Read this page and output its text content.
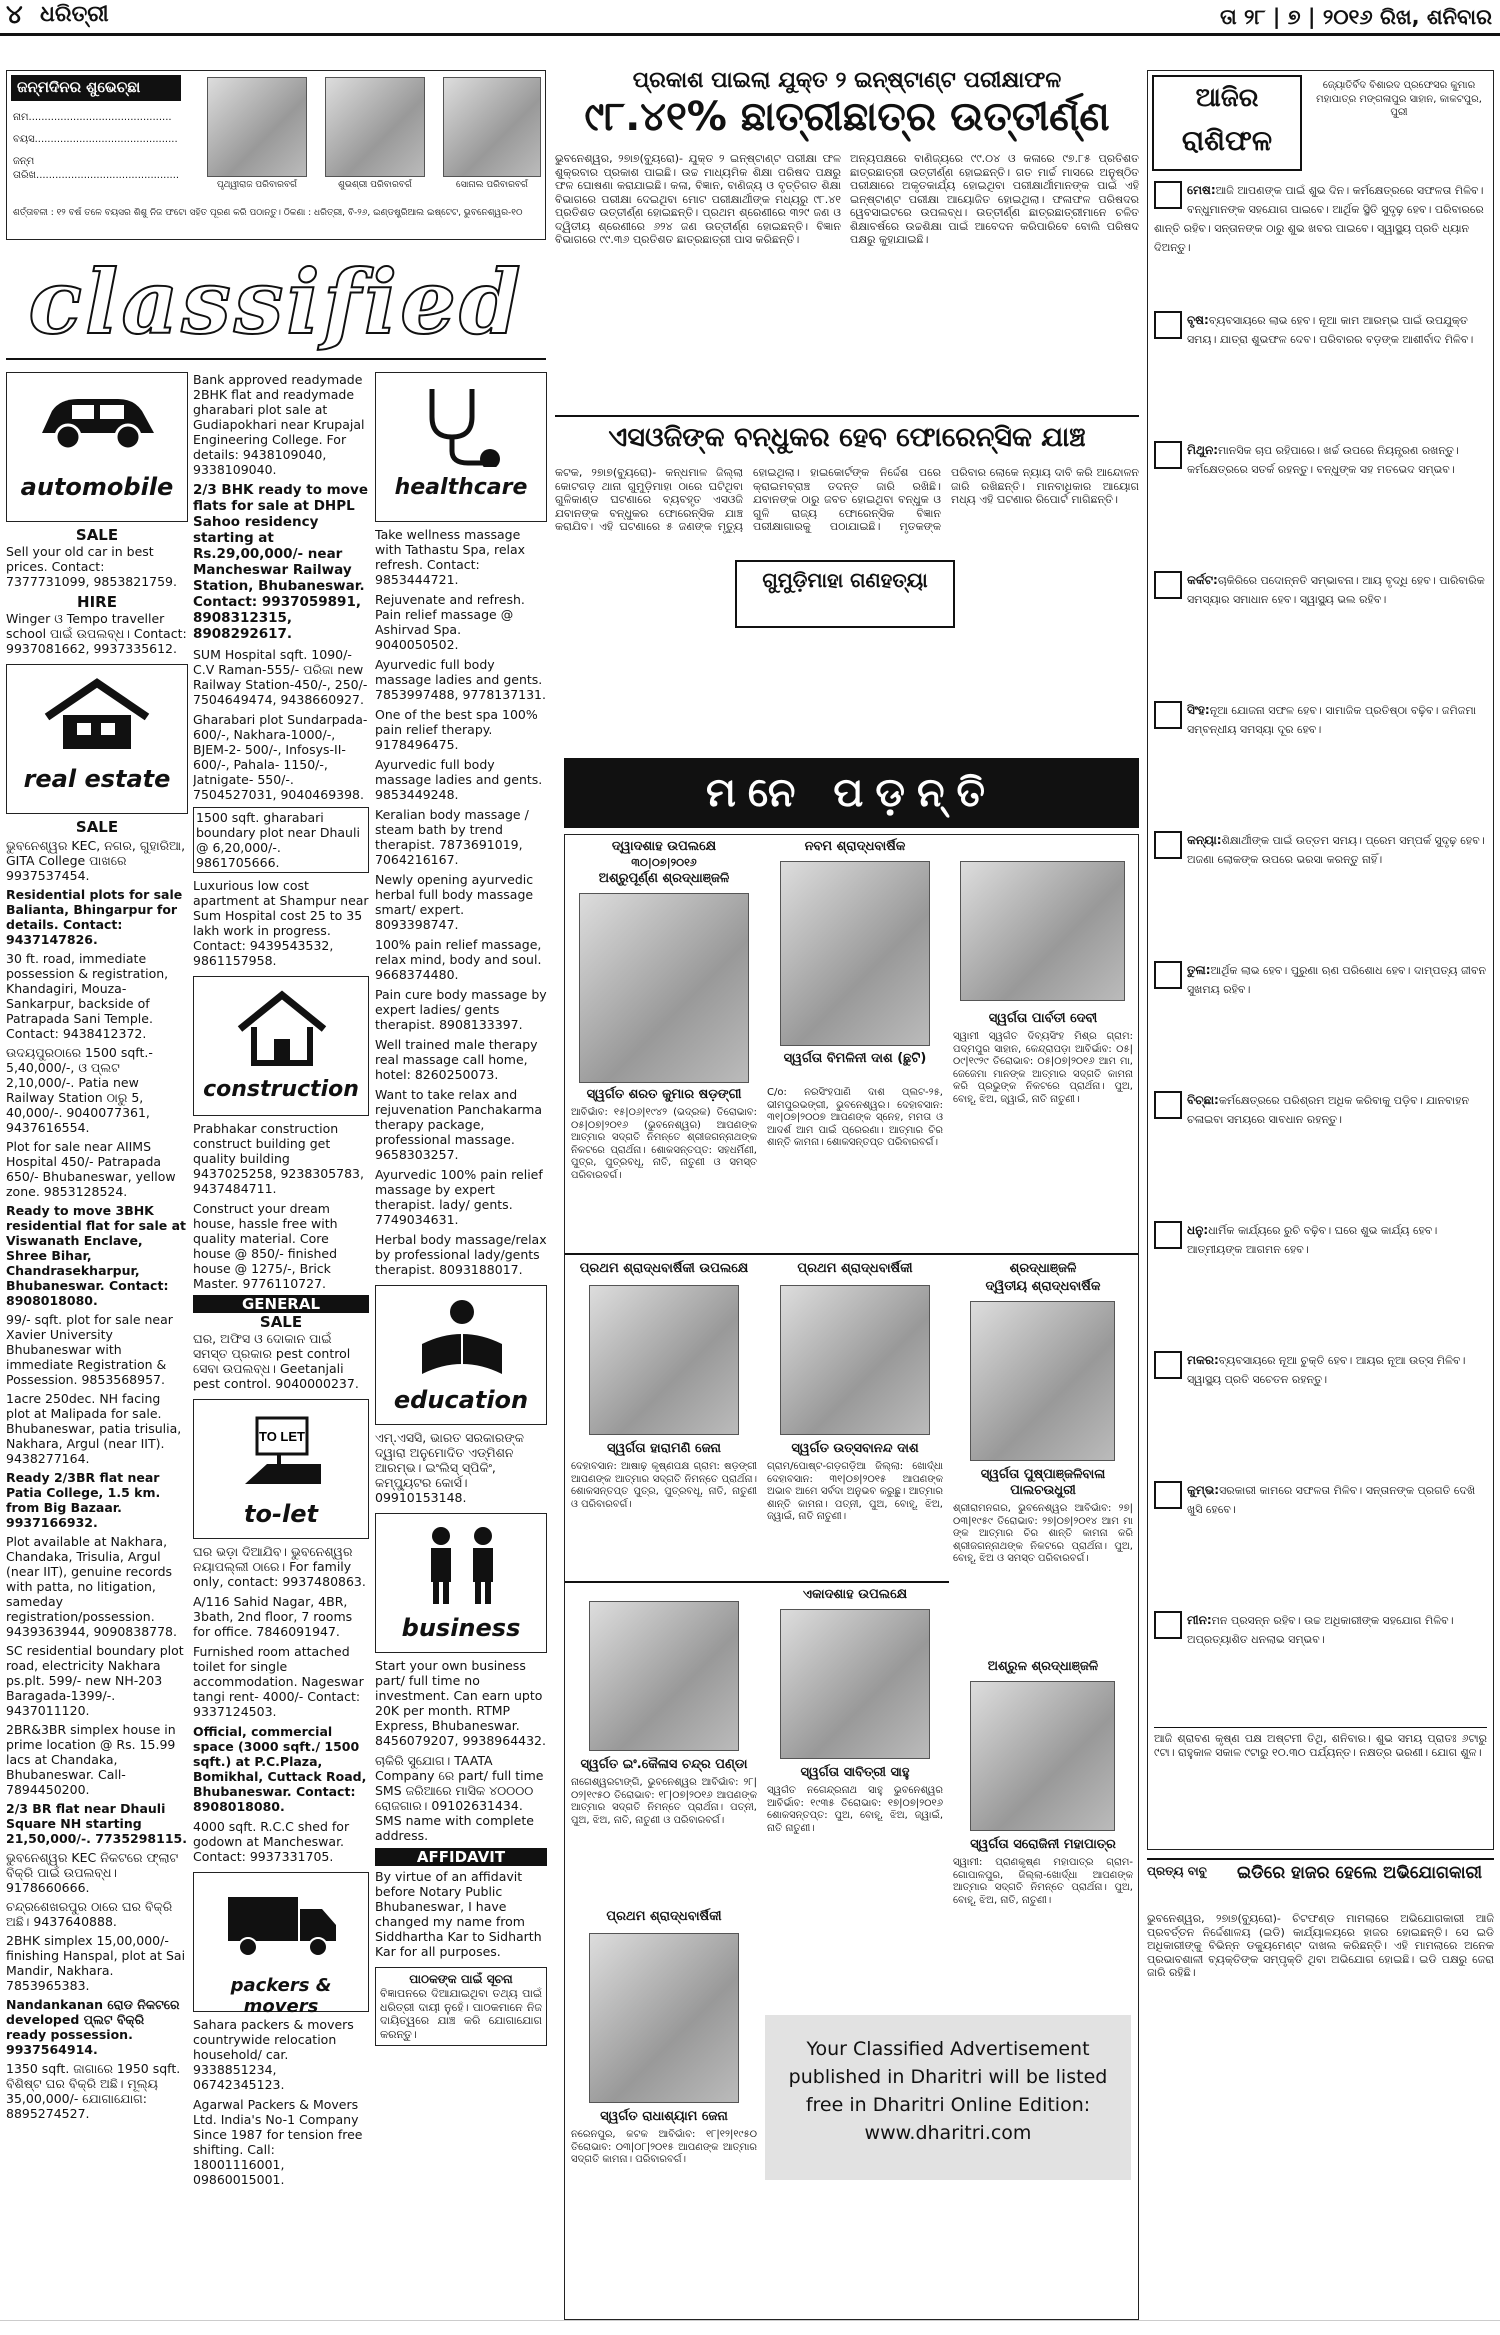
୪ ଧରିତ୍ରୀ	ତା ୨୮ | ୭ | ୨୦୧୬ ରିଖ, ଶନିବାର
ଜନ୍ମଦିନର ଶୁଭେଚ୍ଛା
ନାମ.............................................
ବୟସ.............................................
ଜନ୍ମ ତାରିଖ.............................................
ପୃଥ୍ୱୀରାଜ ପରିବାରବର୍ଗ	ଶୁଭଶ୍ରୀ ପରିବାରବର୍ଗ	ସୋନାଲ ପରିବାରବର୍ଗ
ଶର୍ତ୍ତାବଳୀ : ୧୨ ବର୍ଷ ତଳେ ବୟସର ଶିଶୁ ନିଜ ଫଟୋ ସହିତ ପୂରଣ କରି ପଠାନ୍ତୁ। ଠିକଣା : ଧରିତ୍ରୀ, ବି-୨୬, ଇଣ୍ଡଷ୍ଟ୍ରିଆଲ ଇଷ୍ଟେଟ, ଭୁବନେଶ୍ୱର-୧୦
classified
automobile
SALE
Sell your old car in best prices. Contact: 7377731099, 9853821759.
HIRE
Winger ଓ Tempo traveller school ପାଇଁ ଉପଲବ୍ଧ। Contact: 9937081662, 9937335612.
real estate
SALE
ଭୁବନେଶ୍ୱର KEC, ନଗର, ଗୁହାରିଆ, GITA College ପାଖରେ 9937537454.
Residential plots for sale Balianta, Bhingarpur for details. Contact: 9437147826.
30 ft. road, immediate possession & registration, Khandagiri, Mouza-Sankarpur, backside of Patrapada Sani Temple. Contact: 9438412372.
ଉଦୟପୁରଠାରେ 1500 sqft.- 5,40,000/-, ଓ ପ୍ଲଟ 2,10,000/-. Patia new Railway Station ଠାରୁ 5, 40,000/-. 9040077361, 9437616554.
Plot for sale near AIIMS Hospital 450/- Patrapada 650/- Bhubaneswar, yellow zone. 9853128524.
Ready to move 3BHK residential flat for sale at Viswanath Enclave, Shree Bihar, Chandrasekharpur, Bhubaneswar. Contact: 8908018080.
99/- sqft. plot for sale near Xavier University Bhubaneswar with immediate Registration & Possession. 9853568957.
1acre 250dec. NH facing plot at Malipada for sale. Bhubaneswar, patia trisulia, Nakhara, Argul (near IIT). 9438277164.
Ready 2/3BR flat near Patia College, 1.5 km. from Big Bazaar. 9937166932.
Plot available at Nakhara, Chandaka, Trisulia, Argul (near IIT), genuine records with patta, no litigation, sameday registration/possession. 9439363944, 9090838778.
SC residential boundary plot road, electricity Nakhara ps.plt. 599/- new NH-203 Baragada-1399/-. 9437011120.
2BR&3BR simplex house in prime location @ Rs. 15.99 lacs at Chandaka, Bhubaneswar. Call-7894450200.
2/3 BR flat near Dhauli Square NH starting 21,50,000/-. 7735298115.
ଭୁବନେଶ୍ୱର KEC ନିକଟରେ ଫ୍ଲାଟ ବିକ୍ରି ପାଇଁ ଉପଲବ୍ଧ। 9178660666.
ଚନ୍ଦ୍ରଶେଖରପୁର ଠାରେ ଘର ବିକ୍ରି ଅଛି। 9437640888.
2BHK simplex 15,00,000/- finishing Hanspal, plot at Sai Mandir, Nakhara. 7853965383.
Nandankanan ରୋଡ ନିକଟରେ developed ପ୍ଲଟ ବିକ୍ରି ready possession. 9937564914.
1350 sqft. ଜାଗାରେ 1950 sqft. ବିଶିଷ୍ଟ ଘର ବିକ୍ରି ଅଛି। ମୂଲ୍ୟ 35,00,000/- ଯୋଗାଯୋଗ: 8895274527.
Bank approved readymade 2BHK flat and readymade gharabari plot sale at Gudiapokhari near Krupajal Engineering College. For details: 9438109040, 9338109040.
2/3 BHK ready to move flats for sale at DHPL Sahoo residency starting at Rs.29,00,000/- near Mancheswar Railway Station, Bhubaneswar. Contact: 9937059891, 8908312315, 8908292617.
SUM Hospital sqft. 1090/- C.V Raman-555/- ପରିଜା new Railway Station-450/-, 250/- 7504649474, 9438660927.
Gharabari plot Sundarpada-600/-, Nakhara-1000/-, BJEM-2- 500/-, Infosys-II-600/-, Pahala- 1150/-, Jatnigate- 550/-. 7504527031, 9040469398.
1500 sqft. gharabari boundary plot near Dhauli @ 6,20,000/-. 9861705666.
Luxurious low cost apartment at Shampur near Sum Hospital cost 25 to 35 lakh work in progress. Contact: 9439543532, 9861157958.
construction
Prabhakar construction construct building get quality building 9437025258, 9238305783, 9437484711.
Construct your dream house, hassle free with quality material. Core house @ 850/- finished house @ 1275/-, Brick Master. 9776110727.
GENERAL
SALE
ଘର, ଅଫିସ ଓ ଦୋକାନ ପାଇଁ ସମସ୍ତ ପ୍ରକାର pest control ସେବା ଉପଲବ୍ଧ। Geetanjali pest control. 9040000237.
TO LET
to-let
ଘର ଭଡ଼ା ଦିଆଯିବ। ଭୁବନେଶ୍ୱର ନୟାପଲ୍ଲୀ ଠାରେ। For family only, contact: 9937480863.
A/116 Sahid Nagar, 4BR, 3bath, 2nd floor, 7 rooms for office. 7846091947.
Furnished room attached toilet for single accommodation. Nageswar tangi rent- 4000/- Contact: 9337124503.
Official, commercial space (3000 sqft./ 1500 sqft.) at P.C.Plaza, Bomikhal, Cuttack Road, Bhubaneswar. Contact: 8908018080.
4000 sqft. R.C.C shed for godown at Mancheswar. Contact: 9937331705.
packers & movers
Sahara packers & movers countrywide relocation household/ car. 9338851234, 06742345123.
Agarwal Packers & Movers Ltd. India's No-1 Company Since 1987 for tension free shifting. Call: 18001116001, 09860015001.
healthcare
Take wellness massage with Tathastu Spa, relax refresh. Contact: 9853444721.
Rejuvenate and refresh. Pain relief massage @ Ashirvad Spa. 9040050502.
Ayurvedic full body massage ladies and gents. 7853997488, 9778137131.
One of the best spa 100% pain relief therapy. 9178496475.
Ayurvedic full body massage ladies and gents. 9853449248.
Keralian body massage / steam bath by trend therapist. 7873691019, 7064216167.
Newly opening ayurvedic herbal full body massage smart/ expert. 8093398747.
100% pain relief massage, relax mind, body and soul. 9668374480.
Pain cure body massage by expert ladies/ gents therapist. 8908133397.
Well trained male therapy real massage call home, hotel: 8260250073.
Want to take relax and rejuvenation Panchakarma therapy package, professional massage. 9658303257.
Ayurvedic 100% pain relief massage by expert therapist. lady/ gents. 7749034631.
Herbal body massage/relax by professional lady/gents therapist. 8093188017.
education
ଏମ୍.ଏସସି, ଭାରତ ସରକାରଙ୍କ ଦ୍ୱାରା ଅନୁମୋଦିତ ଏଡ୍ମିଶନ ଆରମ୍ଭ। ଇଂଲିସ୍ ସ୍ପିକିଂ, କମ୍ପ୍ୟୁଟର କୋର୍ସ। 09910153148.
business
Start your own business part/ full time no investment. Can earn upto 20K per month. RTMP Express, Bhubaneswar. 8456079207, 9938964432.
ଚାକିରି ସୁଯୋଗ। TAATA Company ରେ part/ full time SMS ଜରିଆରେ ମାସିକ ୪୦୦୦୦ ରୋଜଗାର। 09102631434. SMS name with complete address.
AFFIDAVIT
By virtue of an affidavit before Notary Public Bhubaneswar, I have changed my name from Siddhartha Kar to Sidharth Kar for all purposes.
ପାଠକଙ୍କ ପାଇଁ ସୂଚନା
ବିଜ୍ଞାପନରେ ଦିଆଯାଇଥିବା ତଥ୍ୟ ପାଇଁ ଧରିତ୍ରୀ ଦାୟୀ ନୁହେଁ। ପାଠକମାନେ ନିଜ ଦାୟିତ୍ୱରେ ଯାଞ୍ଚ କରି ଯୋଗାଯୋଗ କରନ୍ତୁ।
ପ୍ରକାଶ ପାଇଲା ଯୁକ୍ତ ୨ ଇନ୍ଷ୍ଟାଣ୍ଟ ପରୀକ୍ଷାଫଳ
୯୮.୪୧% ଛାତ୍ରୀଛାତ୍ର ଉତ୍ତୀର୍ଣ୍ଣ
ଭୁବନେଶ୍ୱର, ୨୭ା୭(ବ୍ୟୁରୋ)- ଯୁକ୍ତ ୨ ଇନ୍ଷ୍ଟାଣ୍ଟ ପରୀକ୍ଷା ଫଳ ଶୁକ୍ରବାର ପ୍ରକାଶ ପାଇଛି। ଉଚ୍ଚ ମାଧ୍ୟମିକ ଶିକ୍ଷା ପରିଷଦ ପକ୍ଷରୁ ଫଳ ଘୋଷଣା କରାଯାଇଛି। କଳା, ବିଜ୍ଞାନ, ବାଣିଜ୍ୟ ଓ ବୃତ୍ତିଗତ ଶିକ୍ଷା ବିଭାଗରେ ପରୀକ୍ଷା ଦେଇଥିବା ମୋଟ ପରୀକ୍ଷାର୍ଥୀଙ୍କ ମଧ୍ୟରୁ ୯୮.୪୧ ପ୍ରତିଶତ ଉତ୍ତୀର୍ଣ୍ଣ ହୋଇଛନ୍ତି। ପ୍ରଥମ ଶ୍ରେଣୀରେ ୩୨୯ ଜଣ ଓ ଦ୍ୱିତୀୟ ଶ୍ରେଣୀରେ ୬୨୪ ଜଣ ଉତ୍ତୀର୍ଣ୍ଣ ହୋଇଛନ୍ତି। ବିଜ୍ଞାନ ବିଭାଗରେ ୯୯.୩୬ ପ୍ରତିଶତ ଛାତ୍ରଛାତ୍ରୀ ପାସ କରିଛନ୍ତି।
ଅନ୍ୟପକ୍ଷରେ ବାଣିଜ୍ୟରେ ୯୯.୦୪ ଓ କଳାରେ ୯୭.୮୫ ପ୍ରତିଶତ ଛାତ୍ରଛାତ୍ରୀ ଉତ୍ତୀର୍ଣ୍ଣ ହୋଇଛନ୍ତି। ଗତ ମାର୍ଚ୍ଚ ମାସରେ ଅନୁଷ୍ଠିତ ପରୀକ୍ଷାରେ ଅକୃତକାର୍ଯ୍ୟ ହୋଇଥିବା ପରୀକ୍ଷାର୍ଥୀମାନଙ୍କ ପାଇଁ ଏହି ଇନ୍ଷ୍ଟାଣ୍ଟ ପରୀକ୍ଷା ଆୟୋଜିତ ହୋଇଥିଲା। ଫଳାଫଳ ପରିଷଦର ୱେବସାଇଟରେ ଉପଲବ୍ଧ। ଉତ୍ତୀର୍ଣ୍ଣ ଛାତ୍ରଛାତ୍ରୀମାନେ ଚଳିତ ଶିକ୍ଷାବର୍ଷରେ ଉଚ୍ଚଶିକ୍ଷା ପାଇଁ ଆବେଦନ କରିପାରିବେ ବୋଲି ପରିଷଦ ପକ୍ଷରୁ କୁହାଯାଇଛି।
ଏସଓଜିଙ୍କ ବନ୍ଧୁକର ହେବ ଫୋରେନ୍ସିକ ଯାଞ୍ଚ
କଟକ, ୨୭ା୭(ବ୍ୟୁରୋ)- କନ୍ଧମାଳ ଜିଲ୍ଲା କୋଟଗଡ଼ ଥାନା ଗୁମୁଡ଼ିମାହା ଠାରେ ଘଟିଥିବା ଗୁଳିକାଣ୍ଡ ଘଟଣାରେ ବ୍ୟବହୃତ ଏସଓଜି ଯବାନଙ୍କ ବନ୍ଧୁକର ଫୋରେନ୍ସିକ ଯାଞ୍ଚ କରାଯିବ। ଏହି ଘଟଣାରେ ୫ ଜଣଙ୍କ ମୃତ୍ୟୁ ହୋଇଥିଲା। ହାଇକୋର୍ଟଙ୍କ ନିର୍ଦ୍ଦେଶ ପରେ କ୍ରାଇମବ୍ରାଞ୍ଚ ତଦନ୍ତ ଜାରି ରଖିଛି। ଯବାନଙ୍କ ଠାରୁ ଜବତ ହୋଇଥିବା ବନ୍ଧୁକ ଓ ଗୁଳି ରାଜ୍ୟ ଫୋରେନ୍ସିକ ବିଜ୍ଞାନ ପରୀକ୍ଷାଗାରକୁ ପଠାଯାଇଛି। ମୃତକଙ୍କ ପରିବାର ଲୋକେ ନ୍ୟାୟ ଦାବି କରି ଆନ୍ଦୋଳନ ଜାରି ରଖିଛନ୍ତି। ମାନବାଧିକାର ଆୟୋଗ ମଧ୍ୟ ଏହି ଘଟଣାର ରିପୋର୍ଟ ମାଗିଛନ୍ତି।
ଗୁମୁଡ଼ିମାହା ଗଣହତ୍ୟା
ମନେ ପଡ଼ନ୍ତି
ଦ୍ୱାଦଶାହ ଉପଲକ୍ଷେ
୩୦|୦୭|୨୦୧୬
ଅଶ୍ରୁପୂର୍ଣ୍ଣ ଶ୍ରଦ୍ଧାଞ୍ଜଳି
ସ୍ୱର୍ଗତ ଶରତ କୁମାର ଷଡ଼ଙ୍ଗୀ
ଆବିର୍ଭାବ: ୧୫|୦୬|୧୯୪୨ (ଭଦ୍ରକ) ତିରୋଭାବ: ୦୫|୦୭|୨୦୧୬ (ଭୁବନେଶ୍ୱର) ଆପଣଙ୍କ ଆତ୍ମାର ସଦ୍ଗତି ନିମନ୍ତେ ଶ୍ରୀଜଗନ୍ନାଥଙ୍କ ନିକଟରେ ପ୍ରାର୍ଥନା। ଶୋକସନ୍ତପ୍ତ: ସହଧର୍ମିଣୀ, ପୁତ୍ର, ପୁତ୍ରବଧୂ, ନାତି, ନାତୁଣୀ ଓ ସମସ୍ତ ପରିବାରବର୍ଗ।
ନବମ ଶ୍ରାଦ୍ଧବାର୍ଷିକ
ସ୍ୱର୍ଗତା ବିମଳିନୀ ଦାଶ (ଛୁଟି)
C/o: ନରସିଂହପାଣି ଦାଶ ପ୍ଲଟ-୨୫, ଭୀମପୁରଭଙ୍ଗୀ, ଭୁବନେଶ୍ୱର। ଦେହାବସାନ: ୩୧|୦୭|୨୦୦୭ ଆପଣଙ୍କ ସ୍ନେହ, ମମତା ଓ ଆଦର୍ଶ ଆମ ପାଇଁ ପ୍ରେରଣା। ଆତ୍ମାର ଚିର ଶାନ୍ତି କାମନା। ଶୋକସନ୍ତପ୍ତ ପରିବାରବର୍ଗ।
ସ୍ୱର୍ଗତା ପାର୍ବତୀ ଦେବୀ
ସ୍ୱାମୀ ସ୍ୱର୍ଗତ ଦିବ୍ୟସିଂହ ମିଶ୍ର ଗ୍ରାମ: ପଦ୍ମପୁର ସାହାନ, କେନ୍ଦ୍ରାପଡ଼ା ଆବିର୍ଭାବ: ୦୫|୦୯|୧୯୨୯ ତିରୋଭାବ: ୦୫|୦୭|୨୦୧୬ ଆମ ମା, ଜେଜେମା ମାନଙ୍କ ଆତ୍ମାର ସଦ୍ଗତି କାମନା କରି ପ୍ରଭୁଙ୍କ ନିକଟରେ ପ୍ରାର୍ଥନା। ପୁଅ, ବୋହୂ, ଝିଅ, ଜ୍ୱାଇଁ, ନାତି ନାତୁଣୀ।
ପ୍ରଥମ ଶ୍ରାଦ୍ଧବାର୍ଷିକୀ ଉପଲକ୍ଷେ
ସ୍ୱର୍ଗତା ହାରାମଣି ଜେନା
ଦେହାବସାନ: ଆଷାଢ଼ କୃଷ୍ଣପକ୍ଷ ଗ୍ରାମ: ଷଡ଼ଙ୍ଗୀ ଆପଣଙ୍କ ଆତ୍ମାର ସଦ୍ଗତି ନିମନ୍ତେ ପ୍ରାର୍ଥନା। ଶୋକସନ୍ତପ୍ତ ପୁତ୍ର, ପୁତ୍ରବଧୂ, ନାତି, ନାତୁଣୀ ଓ ପରିବାରବର୍ଗ।
ପ୍ରଥମ ଶ୍ରାଦ୍ଧବାର୍ଷିକୀ
ସ୍ୱର୍ଗତ ଉତ୍ସବାନନ୍ଦ ଦାଶ
ଗ୍ରାମ/ପୋଷ୍ଟ-ଗଡ଼ଗଡ଼ିଆ ଜିଲ୍ଲା: ଖୋର୍ଦ୍ଧା ଦେହାବସାନ: ୩୧|୦୭|୨୦୧୫ ଆପଣଙ୍କ ଅଭାବ ଆମେ ସର୍ବଦା ଅନୁଭବ କରୁଛୁ। ଆତ୍ମାର ଶାନ୍ତି କାମନା। ପତ୍ନୀ, ପୁଅ, ବୋହୂ, ଝିଅ, ଜ୍ୱାଇଁ, ନାତି ନାତୁଣୀ।
ଶ୍ରଦ୍ଧାଞ୍ଜଳି
ଦ୍ୱିତୀୟ ଶ୍ରାଦ୍ଧବାର୍ଷିକ
ସ୍ୱର୍ଗତା ପୁଷ୍ପାଞ୍ଜଳିବାଳା ପାଲଚଉଧୁରୀ
ଶ୍ରୀରାମନଗର, ଭୁବନେଶ୍ୱର ଆବିର୍ଭାବ: ୨୭|୦୩|୧୯୫୯ ତିରୋଭାବ: ୨୭|୦୭|୨୦୧୪ ଆମ ମା ଙ୍କ ଆତ୍ମାର ଚିର ଶାନ୍ତି କାମନା କରି ଶ୍ରୀଜଗନ୍ନାଥଙ୍କ ନିକଟରେ ପ୍ରାର୍ଥନା। ପୁଅ, ବୋହୂ, ଝିଅ ଓ ସମସ୍ତ ପରିବାରବର୍ଗ।
ଏକାଦଶାହ ଉପଲକ୍ଷେ
ସ୍ୱର୍ଗତ ଇଂ.କୈଳାସ ଚନ୍ଦ୍ର ପଣ୍ଡା
ନାଗେଶ୍ୱରଟାଙ୍ଗି, ଭୁବନେଶ୍ୱର ଆବିର୍ଭାବ: ୨୮|୦୨|୧୯୫୦ ତିରୋଭାବ: ୧୮|୦୭|୨୦୧୬ ଆପଣଙ୍କ ଆତ୍ମାର ସଦ୍ଗତି ନିମନ୍ତେ ପ୍ରାର୍ଥନା। ପତ୍ନୀ, ପୁଅ, ଝିଅ, ନାତି, ନାତୁଣୀ ଓ ପରିବାରବର୍ଗ।
ସ୍ୱର୍ଗତା ସାବିତ୍ରୀ ସାହୁ
ସ୍ୱର୍ଗତ ନଗେନ୍ଦ୍ରନାଥ ସାହୁ ଭୁବନେଶ୍ୱର ଆବିର୍ଭାବ: ୧୯୩୫ ତିରୋଭାବ: ୧୭|୦୭|୨୦୧୬ ଶୋକସନ୍ତପ୍ତ: ପୁଅ, ବୋହୂ, ଝିଅ, ଜ୍ୱାଇଁ, ନାତି ନାତୁଣୀ।
ଅଶ୍ରୁଳ ଶ୍ରଦ୍ଧାଞ୍ଜଳି
ସ୍ୱର୍ଗତା ସରୋଜିନୀ ମହାପାତ୍ର
ସ୍ୱାମୀ: ପ୍ରାଣକୃଷ୍ଣ ମହାପାତ୍ର ଗ୍ରାମ-ଗୋପାଳପୁର, ଜିଲ୍ଲା-ଖୋର୍ଦ୍ଧା ଆପଣଙ୍କ ଆତ୍ମାର ସଦ୍ଗତି ନିମନ୍ତେ ପ୍ରାର୍ଥନା। ପୁଅ, ବୋହୂ, ଝିଅ, ନାତି, ନାତୁଣୀ।
ପ୍ରଥମ ଶ୍ରାଦ୍ଧବାର୍ଷିକୀ
ସ୍ୱର୍ଗତ ରାଧାଶ୍ୟାମ ଜେନା
ନରେନପୁର, କଟକ ଆବିର୍ଭାବ: ୧୮|୧୨|୧୯୫୦ ତିରୋଭାବ: ୦୩|୦୮|୨୦୧୫ ଆପଣଙ୍କ ଆତ୍ମାର ସଦ୍ଗତି କାମନା। ପରିବାରବର୍ଗ।
Your Classified Advertisement published in Dharitri will be listed free in Dharitri Online Edition: www.dharitri.com
ଆଜିର
ରାଶିଫଳ
ଜ୍ୟୋତିର୍ବିଦ ବିଶାରଦ ପ୍ରଫେସର କୁମାର ମହାପାତ୍ର ମଙ୍ଗଳାପୁର ସାହାନ, କାକଟପୁର, ପୁରୀ
ମେଷ:ଆଜି ଆପଣଙ୍କ ପାଇଁ ଶୁଭ ଦିନ। କର୍ମକ୍ଷେତ୍ରରେ ସଫଳତା ମିଳିବ। ବନ୍ଧୁମାନଙ୍କ ସହଯୋଗ ପାଇବେ। ଆର୍ଥିକ ସ୍ଥିତି ସୁଦୃଢ଼ ହେବ। ପରିବାରରେ ଶାନ୍ତି ରହିବ। ସନ୍ତାନଙ୍କ ଠାରୁ ଶୁଭ ଖବର ପାଇବେ। ସ୍ୱାସ୍ଥ୍ୟ ପ୍ରତି ଧ୍ୟାନ ଦିଅନ୍ତୁ।
ବୃଷ:ବ୍ୟବସାୟରେ ଲାଭ ହେବ। ନୂଆ କାମ ଆରମ୍ଭ ପାଇଁ ଉପଯୁକ୍ତ ସମୟ। ଯାତ୍ରା ଶୁଭଫଳ ଦେବ। ପରିବାରର ବଡ଼ଙ୍କ ଆଶୀର୍ବାଦ ମିଳିବ।
ମିଥୁନ:ମାନସିକ ଚାପ ରହିପାରେ। ଖର୍ଚ୍ଚ ଉପରେ ନିୟନ୍ତ୍ରଣ ରଖନ୍ତୁ। କର୍ମକ୍ଷେତ୍ରରେ ସତର୍କ ରହନ୍ତୁ। ବନ୍ଧୁଙ୍କ ସହ ମତଭେଦ ସମ୍ଭବ।
କର୍କଟ:ଚାକିରିରେ ପଦୋନ୍ନତି ସମ୍ଭାବନା। ଆୟ ବୃଦ୍ଧି ହେବ। ପାରିବାରିକ ସମସ୍ୟାର ସମାଧାନ ହେବ। ସ୍ୱାସ୍ଥ୍ୟ ଭଲ ରହିବ।
ସିଂହ:ନୂଆ ଯୋଜନା ସଫଳ ହେବ। ସାମାଜିକ ପ୍ରତିଷ୍ଠା ବଢ଼ିବ। ଜମିଜମା ସମ୍ବନ୍ଧୀୟ ସମସ୍ୟା ଦୂର ହେବ।
କନ୍ୟା:ଶିକ୍ଷାର୍ଥୀଙ୍କ ପାଇଁ ଉତ୍ତମ ସମୟ। ପ୍ରେମ ସମ୍ପର୍କ ସୁଦୃଢ଼ ହେବ। ଅଜଣା ଲୋକଙ୍କ ଉପରେ ଭରସା କରନ୍ତୁ ନାହିଁ।
ତୁଳା:ଆର୍ଥିକ ଲାଭ ହେବ। ପୁରୁଣା ଋଣ ପରିଶୋଧ ହେବ। ଦାମ୍ପତ୍ୟ ଜୀବନ ସୁଖମୟ ରହିବ।
ବିଚ୍ଛା:କର୍ମକ୍ଷେତ୍ରରେ ପରିଶ୍ରମ ଅଧିକ କରିବାକୁ ପଡ଼ିବ। ଯାନବାହନ ଚଳାଇବା ସମୟରେ ସାବଧାନ ରହନ୍ତୁ।
ଧନୁ:ଧାର୍ମିକ କାର୍ଯ୍ୟରେ ରୁଚି ବଢ଼ିବ। ଘରେ ଶୁଭ କାର୍ଯ୍ୟ ହେବ। ଆତ୍ମୀୟଙ୍କ ଆଗମନ ହେବ।
ମକର:ବ୍ୟବସାୟରେ ନୂଆ ଚୁକ୍ତି ହେବ। ଆୟର ନୂଆ ଉତ୍ସ ମିଳିବ। ସ୍ୱାସ୍ଥ୍ୟ ପ୍ରତି ସଚେତନ ରହନ୍ତୁ।
କୁମ୍ଭ:ସରକାରୀ କାମରେ ସଫଳତା ମିଳିବ। ସନ୍ତାନଙ୍କ ପ୍ରଗତି ଦେଖି ଖୁସି ହେବେ।
ମୀନ:ମନ ପ୍ରସନ୍ନ ରହିବ। ଉଚ୍ଚ ଅଧିକାରୀଙ୍କ ସହଯୋଗ ମିଳିବ। ଅପ୍ରତ୍ୟାଶିତ ଧନଲାଭ ସମ୍ଭବ।
ଆଜି ଶ୍ରାବଣ କୃଷ୍ଣ ପକ୍ଷ ଅଷ୍ଟମୀ ତିଥି, ଶନିବାର। ଶୁଭ ସମୟ ପ୍ରାତଃ ୬ଟାରୁ ୯ଟା। ରାହୁକାଳ ସକାଳ ୯ଟାରୁ ୧୦.୩୦ ପର୍ଯ୍ୟନ୍ତ। ନକ୍ଷତ୍ର ଭରଣୀ। ଯୋଗ ଶୁଳ।
ପ୍ରତ୍ୟ ବାବୁ	ଇଡିରେ ହାଜର ହେଲେ ଅଭିଯୋଗକାରୀ
ଭୁବନେଶ୍ୱର, ୨୭ା୭(ବ୍ୟୁରୋ)- ଚିଟଫଣ୍ଡ ମାମଲାରେ ଅଭିଯୋଗକାରୀ ଆଜି ପ୍ରବର୍ତ୍ତନ ନିର୍ଦ୍ଦେଶାଳୟ (ଇଡି) କାର୍ଯ୍ୟାଳୟରେ ହାଜର ହୋଇଛନ୍ତି। ସେ ଇଡି ଅଧିକାରୀଙ୍କୁ ବିଭିନ୍ନ ଡକ୍ୟୁମେଣ୍ଟ ଦାଖଲ କରିଛନ୍ତି। ଏହି ମାମଲାରେ ଅନେକ ପ୍ରଭାବଶାଳୀ ବ୍ୟକ୍ତିଙ୍କ ସମ୍ପୃକ୍ତି ଥିବା ଅଭିଯୋଗ ହୋଇଛି। ଇଡି ପକ୍ଷରୁ ଜେରା ଜାରି ରହିଛି।
